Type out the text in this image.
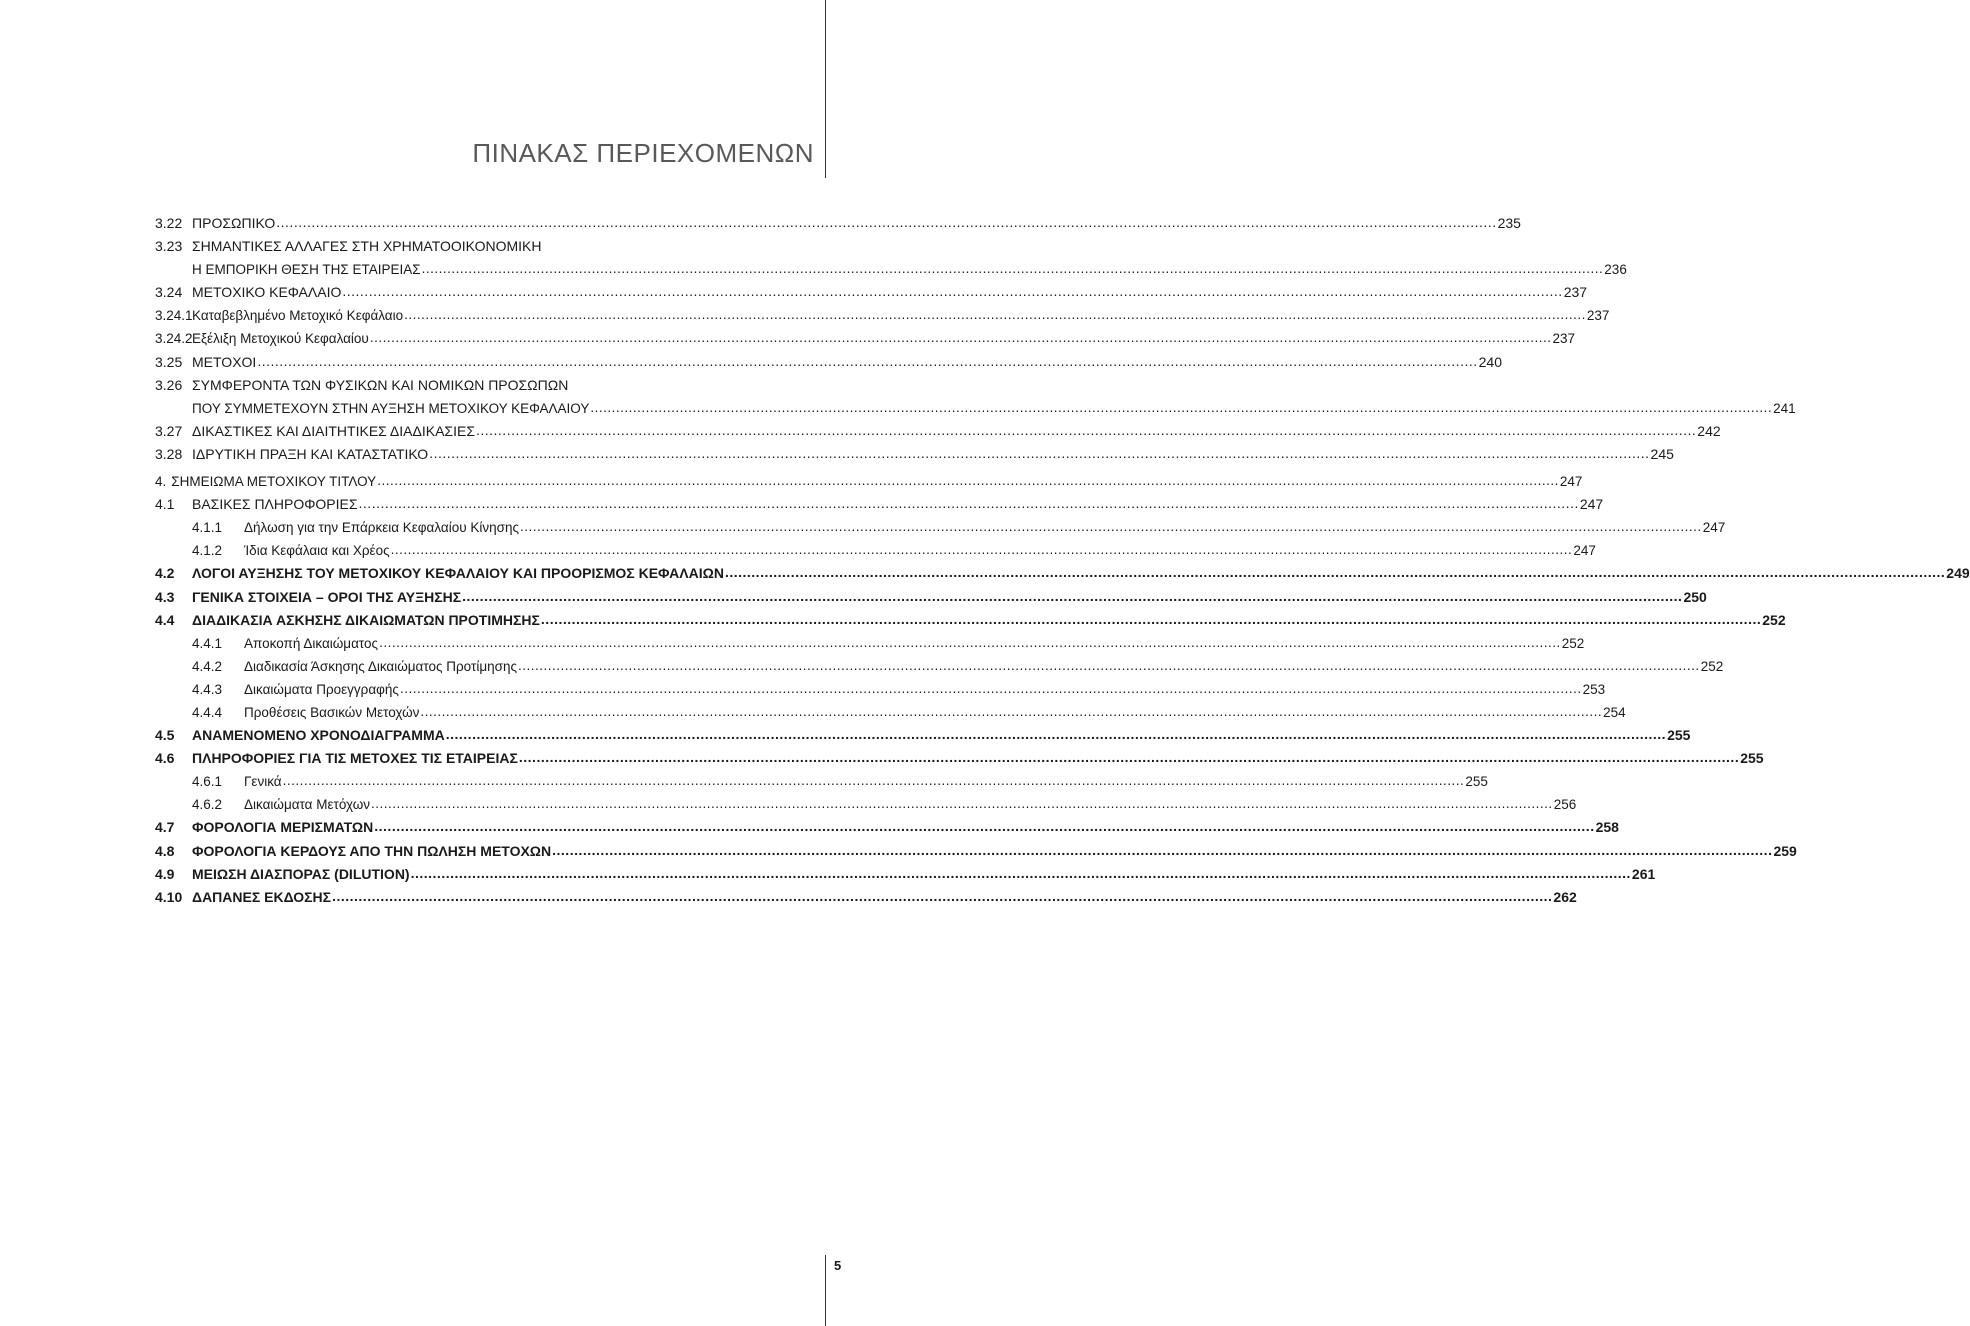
ΠΙΝΑΚΑΣ ΠΕΡΙΕΧΟΜΕΝΩΝ
3.22 ΠΡΟΣΩΠΙΚΟ .....	235
3.23 ΣΗΜΑΝΤΙΚΕΣ ΑΛΛΑΓΕΣ ΣΤΗ ΧΡΗΜΑΤΟΟΙΚΟΝΟΜΙΚΗ
Η ΕΜΠΟΡΙΚΗ ΘΕΣΗ ΤΗΣ ΕΤΑΙΡΕΙΑΣ .....	236
3.24 ΜΕΤΟΧΙΚΟ ΚΕΦΑΛΑΙΟ .....	237
3.24.1 Καταβεβλημένο Μετοχικό Κεφάλαιο .....	237
3.24.2 Εξέλιξη Μετοχικού Κεφαλαίου .....	237
3.25 ΜΕΤΟΧΟΙ .....	240
3.26 ΣΥΜΦΕΡΟΝΤΑ ΤΩΝ ΦΥΣΙΚΩΝ ΚΑΙ ΝΟΜΙΚΩΝ ΠΡΟΣΩΠΩΝ
ΠΟΥ ΣΥΜΜΕΤΕΧΟΥΝ ΣΤΗΝ ΑΥΞΗΣΗ ΜΕΤΟΧΙΚΟΥ ΚΕΦΑΛΑΙΟΥ .....	241
3.27 ΔΙΚΑΣΤΙΚΕΣ ΚΑΙ ΔΙΑΙΤΗΤΙΚΕΣ ΔΙΑΔΙΚΑΣΙΕΣ .....	242
3.28 ΙΔΡΥΤΙΚΗ ΠΡΑΞΗ ΚΑΙ ΚΑΤΑΣΤΑΤΙΚΟ .....	245
4. ΣΗΜΕΙΩΜΑ ΜΕΤΟΧΙΚΟΥ ΤΙΤΛΟΥ .....	247
4.1	ΒΑΣΙΚΕΣ ΠΛΗΡΟΦΟΡΙΕΣ .....	247
4.1.1	Δήλωση για την Επάρκεια Κεφαλαίου Κίνησης .....	247
4.1.2	Ίδια Κεφάλαια και Χρέος .....	247
4.2	ΛΟΓΟΙ ΑΥΞΗΣΗΣ ΤΟΥ ΜΕΤΟΧΙΚΟΥ ΚΕΦΑΛΑΙΟΥ ΚΑΙ ΠΡΟΟΡΙΣΜΟΣ ΚΕΦΑΛΑΙΩΝ .....	249
4.3	ΓΕΝΙΚΑ ΣΤΟΙΧΕΙΑ – ΟΡΟΙ ΤΗΣ ΑΥΞΗΣΗΣ .....	250
4.4	ΔΙΑΔΙΚΑΣΙΑ ΑΣΚΗΣΗΣ ΔΙΚΑΙΩΜΑΤΩΝ ΠΡΟΤΙΜΗΣΗΣ .....	252
4.4.1	Αποκοπή Δικαιώματος .....	252
4.4.2	Διαδικασία Άσκησης Δικαιώματος Προτίμησης .....	252
4.4.3	Δικαιώματα Προεγγραφής .....	253
4.4.4	Προθέσεις Βασικών Μετοχών .....	254
4.5	ΑΝΑΜΕΝΟΜΕΝΟ ΧΡΟΝΟΔΙΑΓΡΑΜΜΑ .....	255
4.6	ΠΛΗΡΟΦΟΡΙΕΣ ΓΙΑ ΤΙΣ ΜΕΤΟΧΕΣ ΤΙΣ ΕΤΑΙΡΕΙΑΣ .....	255
4.6.1	Γενικά .....	255
4.6.2	Δικαιώματα Μετόχων .....	256
4.7	ΦΟΡΟΛΟΓΙΑ ΜΕΡΙΣΜΑΤΩΝ .....	258
4.8	ΦΟΡΟΛΟΓΙΑ ΚΕΡΔΟΥΣ ΑΠΟ ΤΗΝ ΠΩΛΗΣΗ ΜΕΤΟΧΩΝ .....	259
4.9	ΜΕΙΩΣΗ ΔΙΑΣΠΟΡΑΣ (DILUTION) .....	261
4.10 ΔΑΠΑΝΕΣ ΕΚΔΟΣΗΣ .....	262
5
